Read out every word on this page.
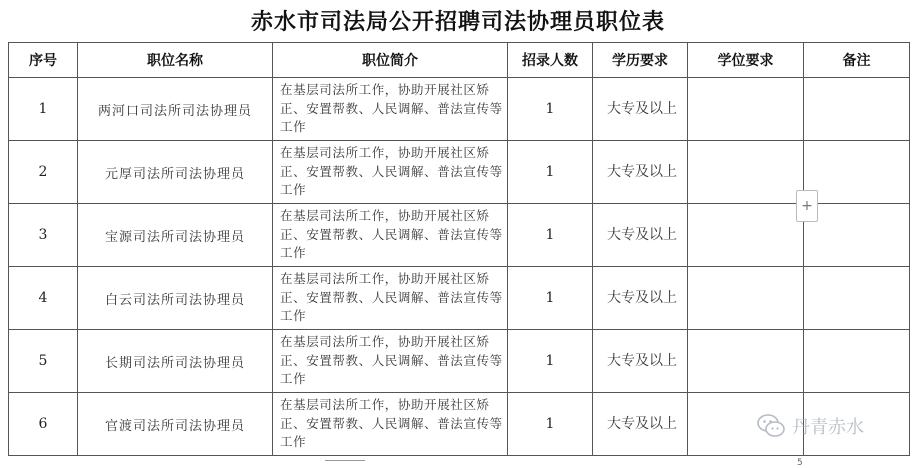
赤水市司法局公开招聘司法协理员职位表
序号	职位名称	职位简介	招录人数	学历要求	学位要求	备注
1	两河口司法所司法协理员	在基层司法所工作，协助开展社区矫正、安置帮教、人民调解、普法宣传等工作	1	大专及以上		
2	元厚司法所司法协理员	在基层司法所工作，协助开展社区矫正、安置帮教、人民调解、普法宣传等工作	1	大专及以上		
3	宝源司法所司法协理员	在基层司法所工作，协助开展社区矫正、安置帮教、人民调解、普法宣传等工作	1	大专及以上		
4	白云司法所司法协理员	在基层司法所工作，协助开展社区矫正、安置帮教、人民调解、普法宣传等工作	1	大专及以上		
5	长期司法所司法协理员	在基层司法所工作，协助开展社区矫正、安置帮教、人民调解、普法宣传等工作	1	大专及以上		
6	官渡司法所司法协理员	在基层司法所工作，协助开展社区矫正、安置帮教、人民调解、普法宣传等工作	1	大专及以上		
+
丹青赤水
5
